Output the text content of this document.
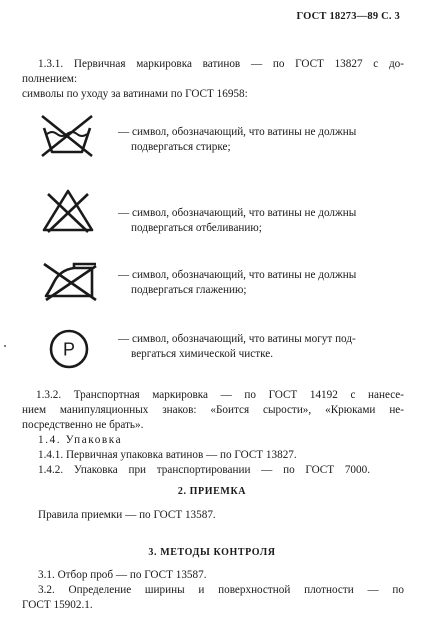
ГОСТ 18273—89 С. 3
1.3.1. Первичная маркировка ватинов — по ГОСТ 13827 с до-
полнением:
символы по уходу за ватинами по ГОСТ 16958:
— символ, обозначающий, что ватины не должны
подвергаться стирке;
— символ, обозначающий, что ватины не должны
подвергаться отбеливанию;
— символ, обозначающий, что ватины не должны
подвергаться глажению;
P
— символ, обозначающий, что ватины могут под-
вергаться химической чистке.
1.3.2. Транспортная маркировка — по ГОСТ 14192 с нанесе-
нием манипуляционных знаков: «Боится сырости», «Крюками не-
посредственно не брать».
1.4. Упаковка
1.4.1. Первичная упаковка ватинов — по ГОСТ 13827.
1.4.2. Упаковка при транспортировании — по ГОСТ 7000.
2. ПРИЕМКА
Правила приемки — по ГОСТ 13587.
3. МЕТОДЫ КОНТРОЛЯ
3.1. Отбор проб — по ГОСТ 13587.
3.2. Определение ширины и поверхностной плотности — по
ГОСТ 15902.1.
